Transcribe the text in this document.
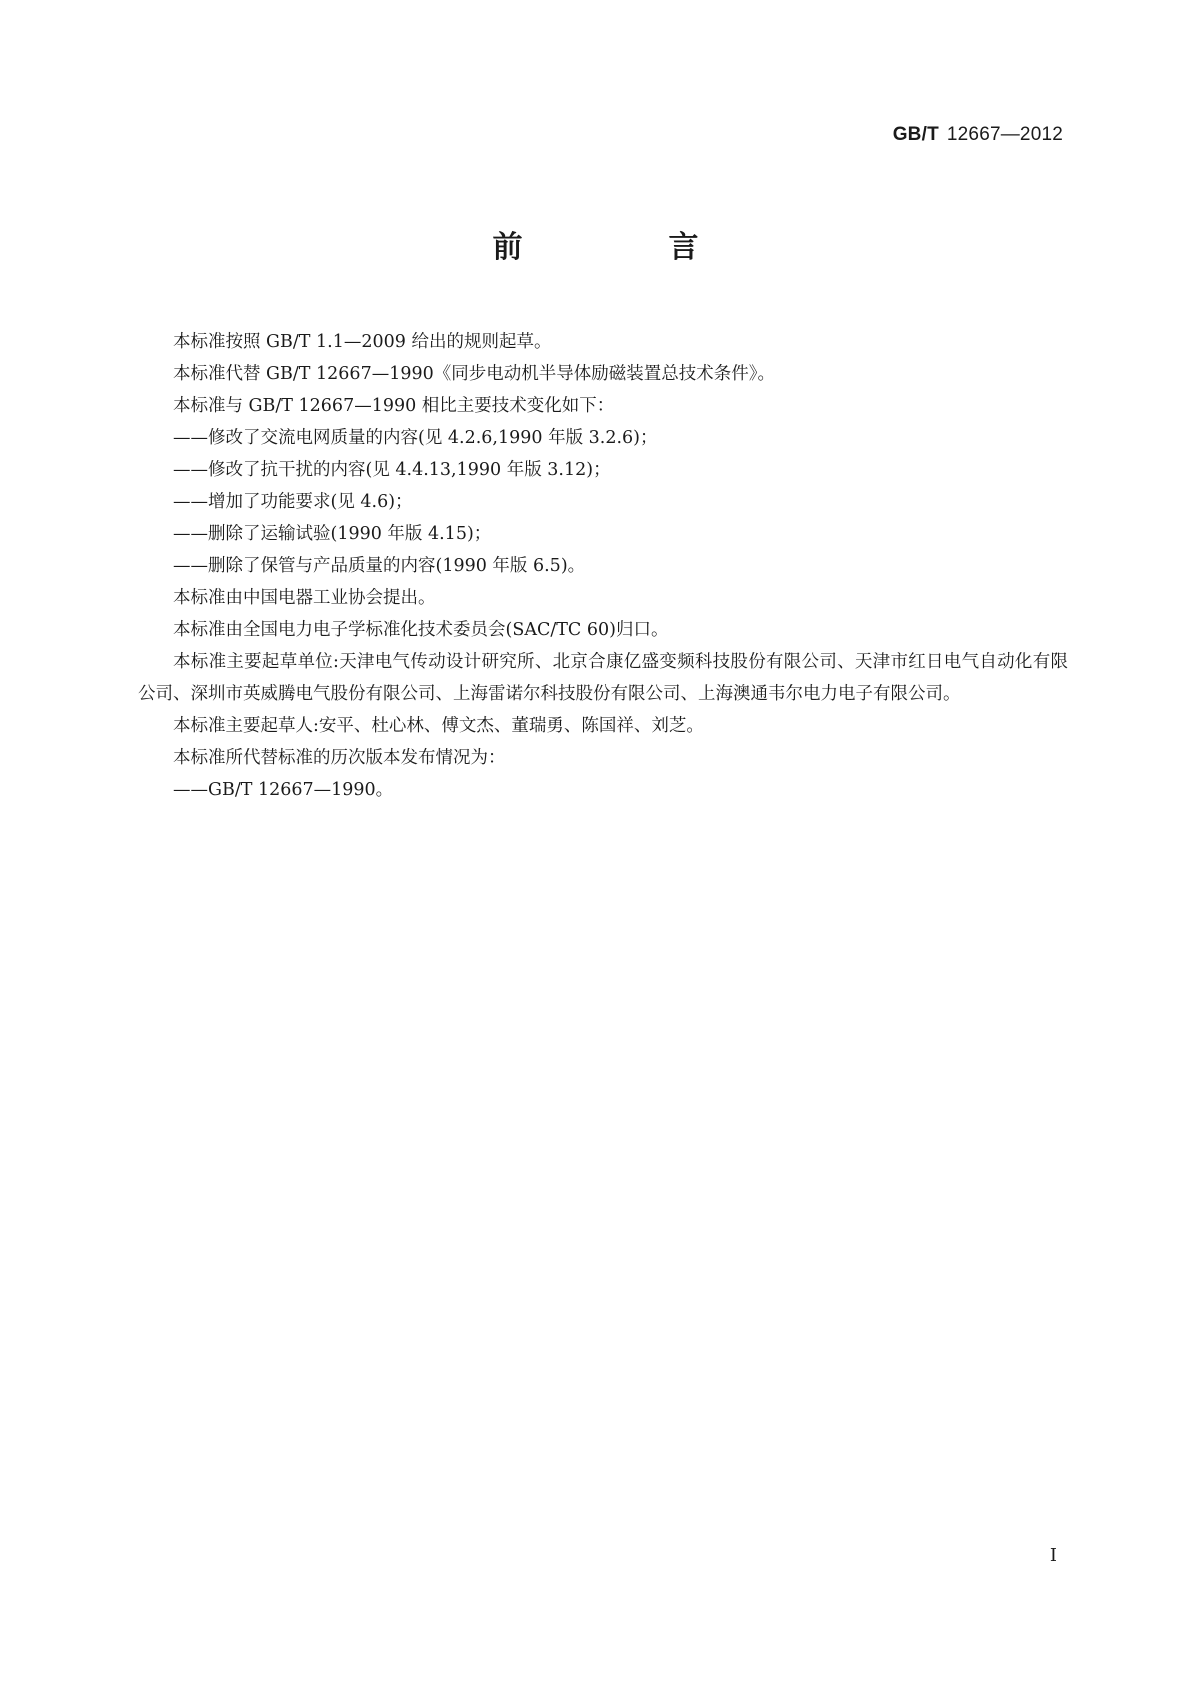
GB/T 12667—2012
前　言

本标准按照 GB/T 1.1—2009 给出的规则起草。

本标准代替 GB/T 12667—1990《同步电动机半导体励磁装置总技术条件》。

本标准与 GB/T 12667—1990 相比主要技术变化如下：

——修改了交流电网质量的内容(见 4.2.6,1990 年版 3.2.6)；

——修改了抗干扰的内容(见 4.4.13,1990 年版 3.12)；

——增加了功能要求(见 4.6)；

——删除了运输试验(1990 年版 4.15)；

——删除了保管与产品质量的内容(1990 年版 6.5)。

本标准由中国电器工业协会提出。

本标准由全国电力电子学标准化技术委员会(SAC/TC 60)归口。

本标准主要起草单位:天津电气传动设计研究所、北京合康亿盛变频科技股份有限公司、天津市红日电气自动化有限公司、深圳市英威腾电气股份有限公司、上海雷诺尔科技股份有限公司、上海澳通韦尔电力电子有限公司。

本标准主要起草人:安平、杜心林、傅文杰、董瑞勇、陈国祥、刘芝。

本标准所代替标准的历次版本发布情况为：

——GB/T 12667—1990。

I
